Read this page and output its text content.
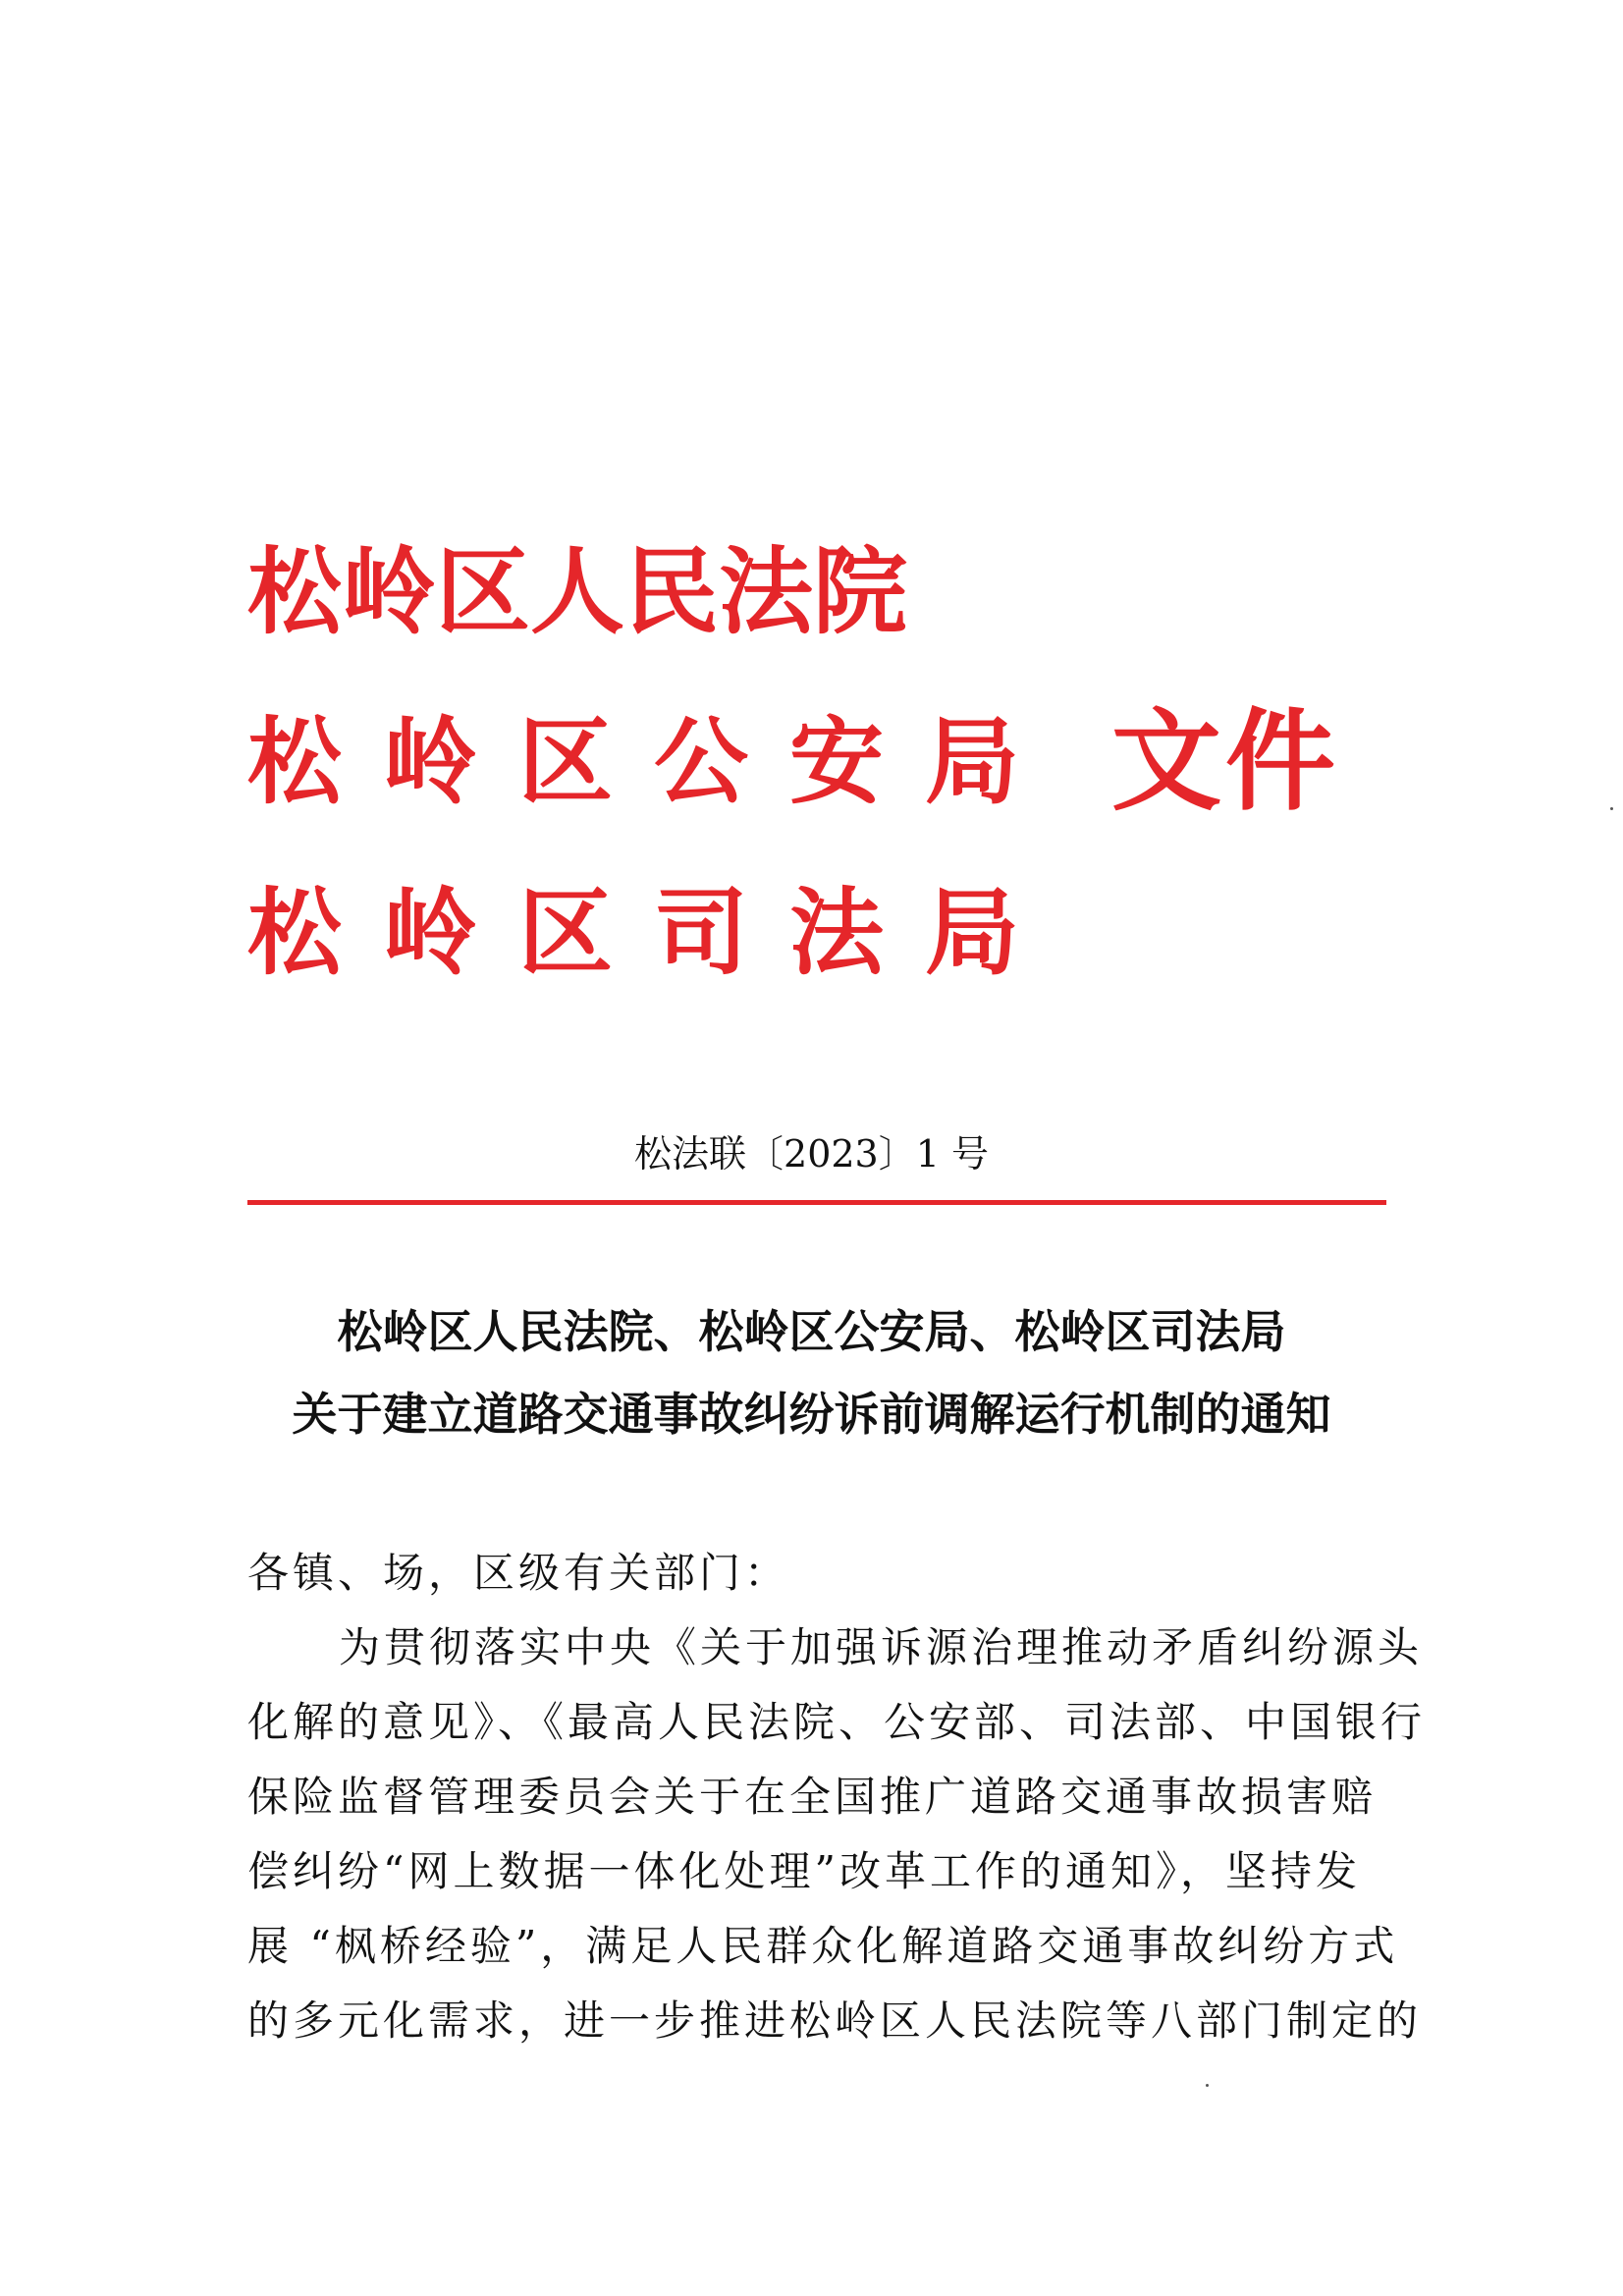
松岭区人民法院
松岭区公安局
松岭区司法局
文件
松法联〔2023〕1 号
松岭区人民法院、松岭区公安局、松岭区司法局
关于建立道路交通事故纠纷诉前调解运行机制的通知
各镇、场，区级有关部门：
为贯彻落实中央《关于加强诉源治理推动矛盾纠纷源头
化解的意见》、《最高人民法院、公安部、司法部、中国银行
保险监督管理委员会关于在全国推广道路交通事故损害赔
偿纠纷“网上数据一体化处理”改革工作的通知》，坚持发
展 “枫桥经验”，满足人民群众化解道路交通事故纠纷方式
的多元化需求，进一步推进松岭区人民法院等八部门制定的
